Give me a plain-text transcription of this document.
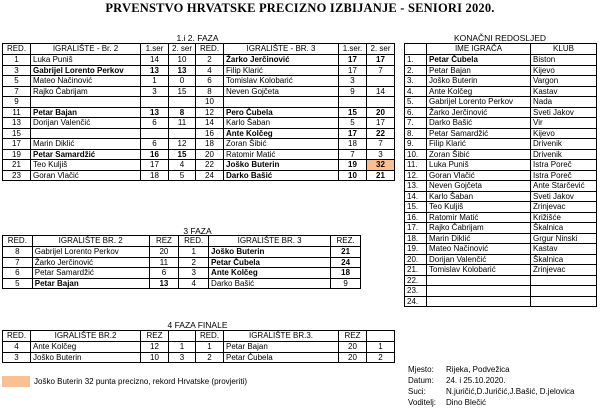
PRVENSTVO HRVATSKE PRECIZNO IZBIJANJE - SENIORI 2020.
1.i 2. FAZA
RED.	IGRALIŠTE - Br. 2	1.ser	2. ser	RED.	IGRALIŠTE - BR. 3	1.ser.	2. ser
1	Luka Puniš	14	10	2	Žarko Jerčinović	17	17
3	Gabrijel Lorento Perkov	13	13	4	Filip Klarić	17	7
5	Mateo Načinović	1	0	6	Tomislav Kolobarić	3	
7	Rajko Čabrijam	3	15	8	Neven Gojčeta	9	14
9				10			
11	Petar Bajan	13	8	12	Pero Čubela	15	20
13	Dorijan Valenčić	6	11	14	Karlo Šaban	5	17
15				16	Ante Kolčeg	17	22
17	Marin Diklić	6	12	18	Zoran Šibić	18	7
19	Petar Samardžić	16	15	20	Ratomir Matić	7	3
21	Teo Kuljiš	17	4	22	Joško Buterin	19	32
23	Goran Vlačić	18	5	24	Darko Bašić	10	21
3 FAZA
RED.	IGRALIŠTE BR. 2	REZ	RED.	IGRALIŠTE BR. 3	REZ.
8	Gabrijel Lorento Perkov	20	1	Joško Buterin	21
7	Žarko Jerčinović	11	2	Petar Čubela	24
6	Petar Samardžić	6	3	Ante Kolčeg	18
5	Petar Bajan	13	4	Darko Bašić	9
4 FAZA FINALE
RED.	IGRALIŠTE BR.2	REZ		RED.	IGRALIŠTE BR.3.	REZ	
4	Ante Kolčeg	12	1	1	Petar Bajan	20	1
3	Joško Buterin	10	3	2	Petar Čubela	20	2
KONAČNI REDOSLJED
	IME IGRAČA	KLUB
1.	Petar Čubela	Biston
2.	Petar Bajan	Kijevo
3.	Joško Buterin	Vargon
4.	Ante Kolčeg	Kastav
5.	Gabrijel Lorento Perkov	Nada
6.	Žarko Jerčinović	Sveti Jakov
7.	Darko Bašić	Vir
8.	Petar Samardžić	Kijevo
9.	Filip Klarić	Drivenik
10.	Zoran Šibić	Drivenik
11.	Luka Puniš	Istra Poreč
12.	Goran Vlačić	Istra Poreč
13.	Neven Gojčeta	Ante Starčević
14.	Karlo Šaban	Sveti Jakov
15.	Teo Kuljiš	Zrinjevac
16.	Ratomir Matić	Križišće
17.	Rajko Čabrijam	Škalnica
18.	Marin Diklić	Grgur Ninski
19.	Mateo Načinović	Kastav
20.	Dorijan Valenčić	Škalnica
21.	Tomislav Kolobarić	Zrinjevac
22.		
23.		
24.		
Joško Buterin 32 punta precizno, rekord Hrvatske (provjeriti)
Mjesto:	Rijeka, Podvežica
Datum:	24. i 25.10.2020.
Suci:	N.juričić,D.Juričić,J.Bašić, D.jelovica
Voditelj:	Dino Blečić
